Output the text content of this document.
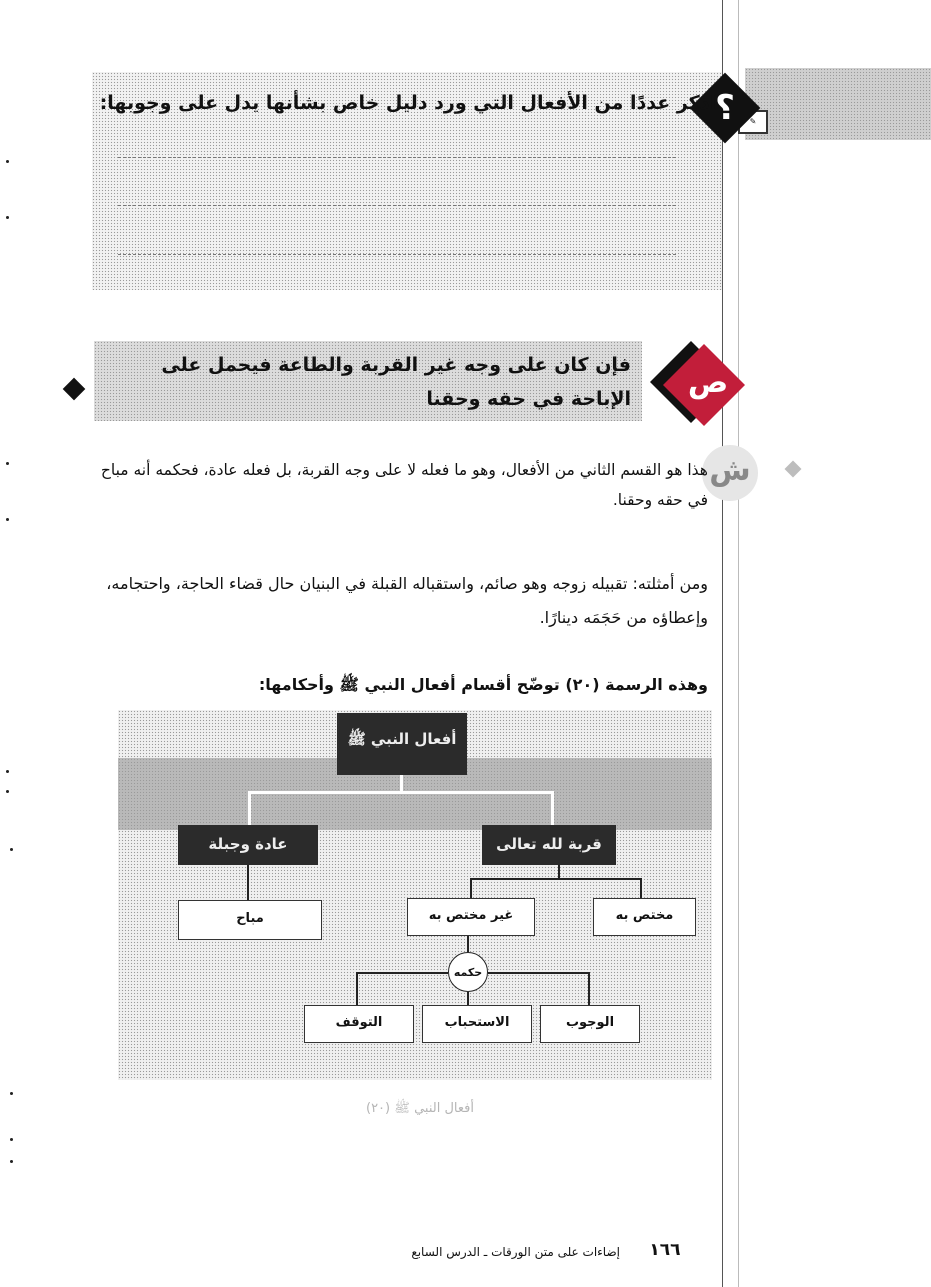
✎
؟
اذكر عددًا من الأفعال التي ورد دليل خاص بشأنها يدل على وجوبها:
فإن كان على وجه غير القربة والطاعة فيحمل على الإباحة في حقه وحقنا	ص
ش
هذا هو القسم الثاني من الأفعال، وهو ما فعله لا على وجه القربة، بل فعله عادة، فحكمه أنه مباح في حقه وحقنا.
ومن أمثلته: تقبيله زوجه وهو صائم، واستقباله القبلة في البنيان حال قضاء الحاجة، واحتجامه، وإعطاؤه من حَجَمَه دينارًا.
وهذه الرسمة (٢٠) توضّح أقسام أفعال النبي ﷺ وأحكامها:
أفعال النبي ﷺ
قربة لله تعالى
عادة وجبلة
مباح	غير مختص به	مختص به
حكمه
التوقف	الاستحباب	الوجوب
أفعال النبي ﷺ (٢٠)
إضاءات على متن الورقات ـ الدرس السابع	١٦٦
